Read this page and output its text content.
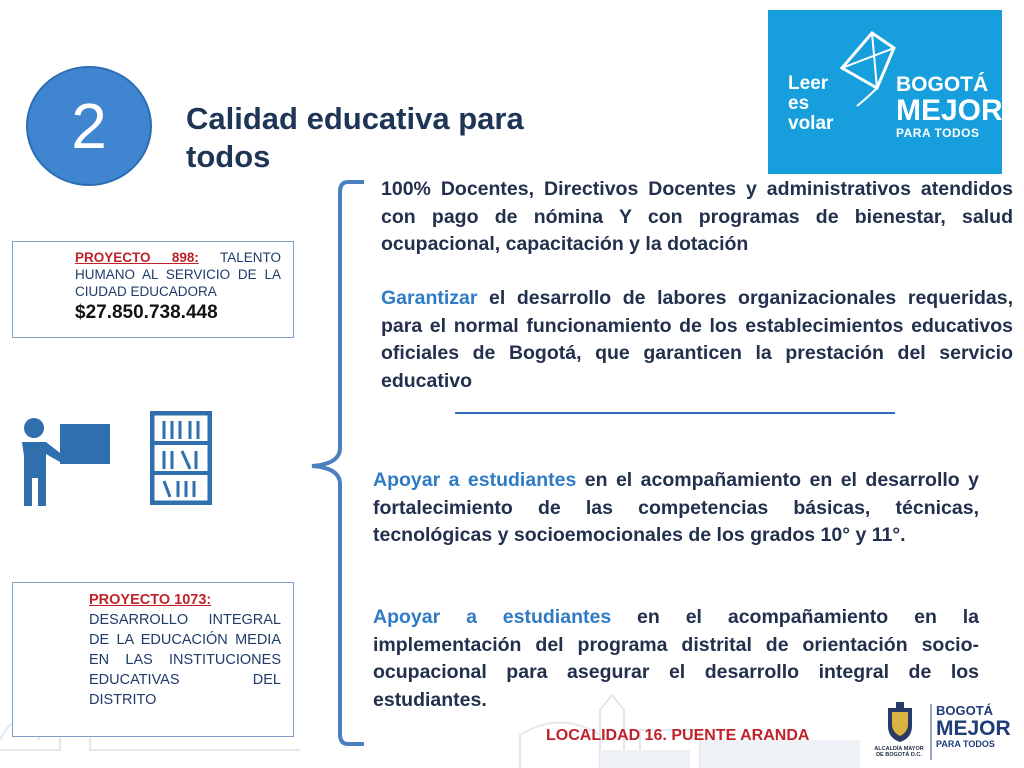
2	Calidad educativa para todos
Leer
es
volar
BOGOTÁ
MEJOR
PARA TODOS
PROYECTO 898: TALENTO HUMANO AL SERVICIO DE LA CIUDAD EDUCADORA
$27.850.738.448
PROYECTO 1073:
DESARROLLO INTEGRAL DE LA EDUCACIÓN MEDIA EN LAS INSTITUCIONES EDUCATIVAS DEL DISTRITO
100% Docentes, Directivos Docentes y administrativos atendidos con pago de nómina Y con programas de bienestar, salud ocupacional, capacitación y la dotación
Garantizar el desarrollo de labores organizacionales requeridas, para el normal funcionamiento de los establecimientos educativos oficiales de Bogotá, que garanticen la prestación del servicio educativo
Apoyar a estudiantes en el acompañamiento en el desarrollo y fortalecimiento de las competencias básicas, técnicas, tecnológicas y socioemocionales de los grados 10° y 11°.
Apoyar a estudiantes en el acompañamiento en la implementación del programa distrital de orientación socio-ocupacional para asegurar el desarrollo integral de los estudiantes.
LOCALIDAD 16. PUENTE ARANDA
ALCALDÍA MAYOR DE BOGOTÁ D.C.
BOGOTÁ
MEJOR
PARA TODOS
